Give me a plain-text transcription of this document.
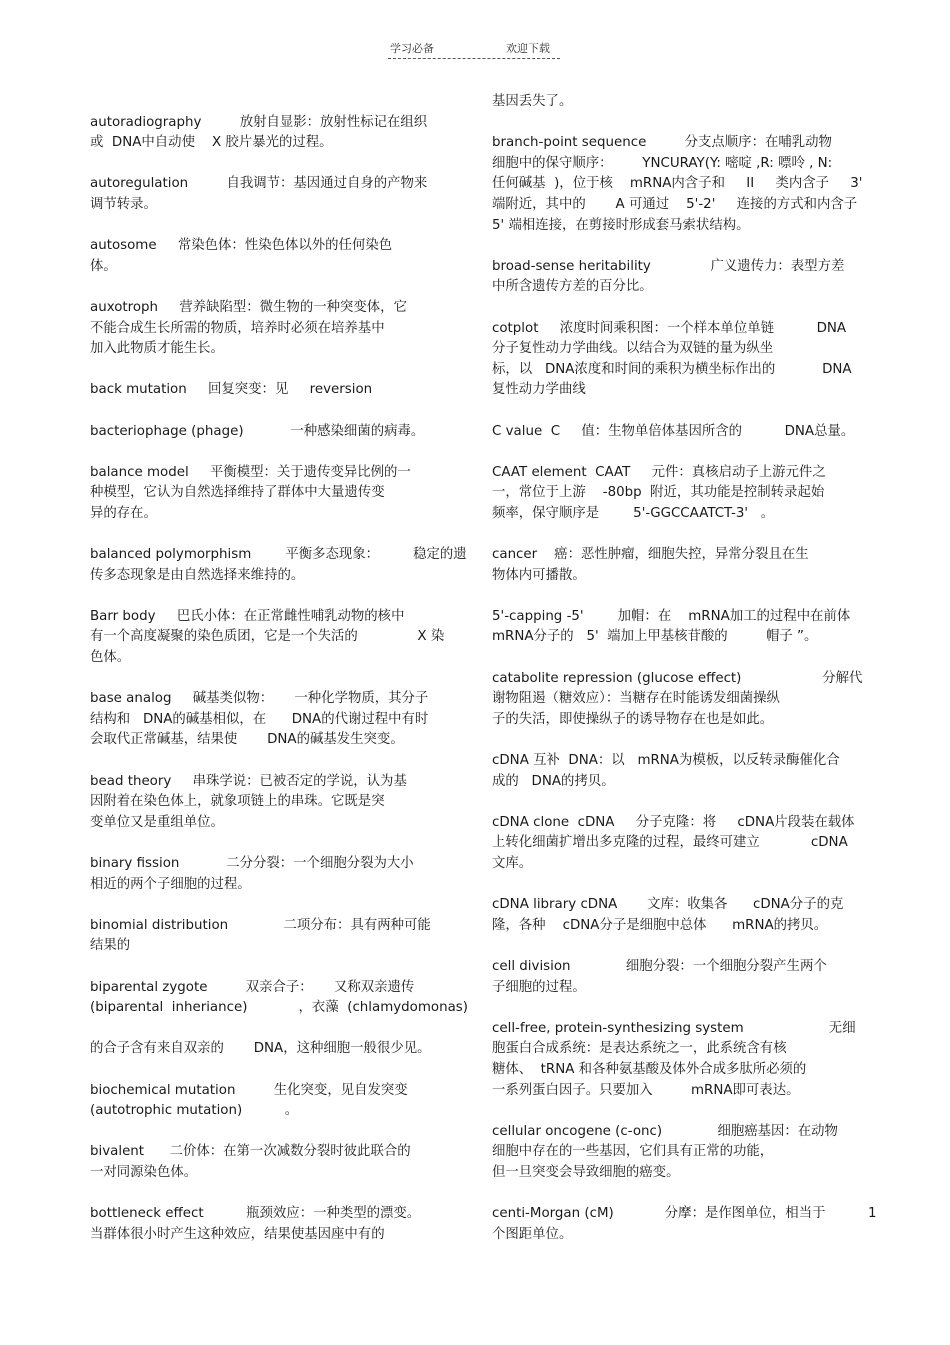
学习必备	欢迎下载
autoradiography         放射自显影：放射性标记在组织
或  DNA中自动使    X 胶片暴光的过程。
autoregulation         自我调节：基因通过自身的产物来
调节转录。
autosome     常染色体：性染色体以外的任何染色
体。
auxotroph     营养缺陷型：微生物的一种突变体，它
不能合成生长所需的物质，培养时必须在培养基中
加入此物质才能生长。
back mutation     回复突变：见     reversion
bacteriophage (phage)           一种感染细菌的病毒。
balance model     平衡模型：关于遗传变异比例的一
种模型，它认为自然选择维持了群体中大量遗传变
异的存在。
balanced polymorphism        平衡多态现象：        稳定的遗
传多态现象是由自然选择来维持的。
Barr body     巴氏小体：在正常雌性哺乳动物的核中
有一个高度凝聚的染色质团，它是一个失活的              X 染
色体。
base analog     碱基类似物：     一种化学物质，其分子
结构和   DNA的碱基相似，在      DNA的代谢过程中有时
会取代正常碱基，结果使       DNA的碱基发生突变。
bead theory     串珠学说：已被否定的学说，认为基
因附着在染色体上，就象项链上的串珠。它既是突
变单位又是重组单位。
binary fission           二分分裂：一个细胞分裂为大小
相近的两个子细胞的过程。
binomial distribution             二项分布：具有两种可能
结果的
biparental zygote         双亲合子：     又称双亲遗传
(biparental  inheriance)            ，衣藻  (chlamydomonas)
的合子含有来自双亲的       DNA，这种细胞一般很少见。
biochemical mutation         生化突变，见自发突变
(autotrophic mutation)          。
bivalent      二价体：在第一次减数分裂时彼此联合的
一对同源染色体。
bottleneck effect          瓶颈效应：一种类型的漂变。
当群体很小时产生这种效应，结果使基因座中有的
基因丢失了。
branch-point sequence         分支点顺序：在哺乳动物
细胞中的保守顺序：       YNCURAY(Y: 嘧啶 ,R: 嘌呤 , N:
任何碱基  )，位于核    mRNA内含子和     II     类内含子     3'
端附近，其中的       A 可通过    5'-2'     连接的方式和内含子
5' 端相连接，在剪接时形成套马索状结构。
broad-sense heritability              广义遗传力：表型方差
中所含遗传方差的百分比。
cotplot     浓度时间乘积图：一个样本单位单链          DNA
分子复性动力学曲线。以结合为双链的量为纵坐
标，以   DNA浓度和时间的乘积为横坐标作出的           DNA
复性动力学曲线
C value  C     值：生物单倍体基因所含的          DNA总量。
CAAT element  CAAT     元件：真核启动子上游元件之
一，常位于上游    -80bp  附近，其功能是控制转录起始
频率，保守顺序是        5'-GGCCAATCT-3'   。
cancer    癌：恶性肿瘤，细胞失控，异常分裂且在生
物体内可播散。
5'-capping -5'        加帽：在    mRNA加工的过程中在前体
mRNA分子的   5'  端加上甲基核苷酸的         帽子 ”。
catabolite repression (glucose effect)                   分解代
谢物阻遏（糖效应）：当糖存在时能诱发细菌操纵
子的失活，即使操纵子的诱导物存在也是如此。
cDNA 互补  DNA：以   mRNA为模板，以反转录酶催化合
成的   DNA的拷贝。
cDNA clone  cDNA     分子克隆：将     cDNA片段装在载体
上转化细菌扩增出多克隆的过程，最终可建立            cDNA
文库。
cDNA library cDNA       文库：收集各      cDNA分子的克
隆，各种    cDNA分子是细胞中总体      mRNA的拷贝。
cell division             细胞分裂：一个细胞分裂产生两个
子细胞的过程。
cell-free, protein-synthesizing system                    无细
胞蛋白合成系统：是表达系统之一，此系统含有核
糖体、  tRNA 和各种氨基酸及体外合成多肽所必须的
一系列蛋白因子。只要加入         mRNA即可表达。
cellular oncogene (c-onc)             细胞癌基因：在动物
细胞中存在的一些基因，它们具有正常的功能，
但一旦突变会导致细胞的癌变。
centi-Morgan (cM)            分摩：是作图单位，相当于          1
个图距单位。
